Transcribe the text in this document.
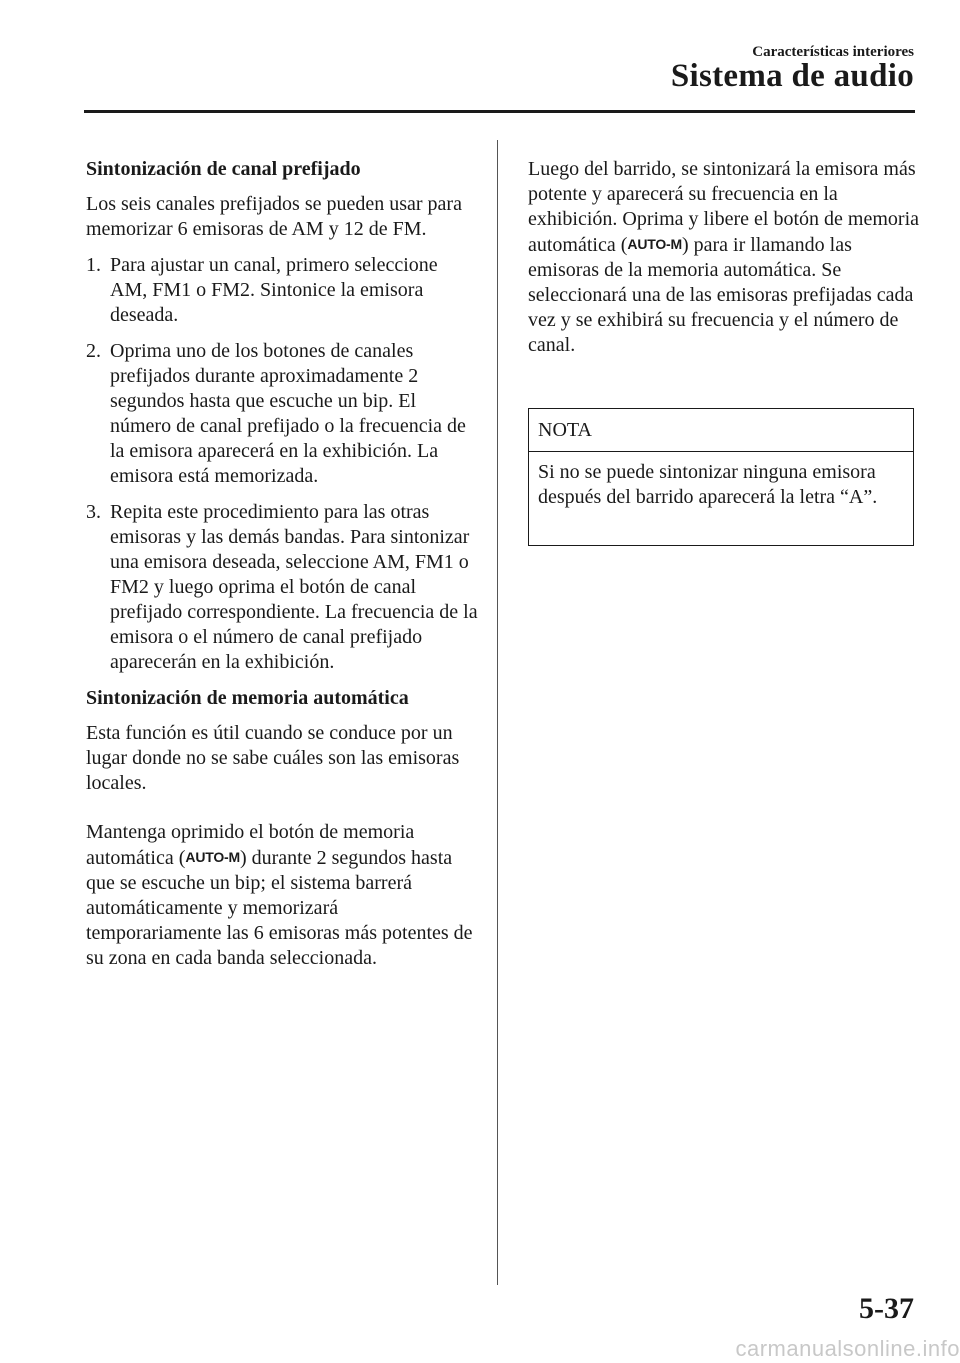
Características interiores
Sistema de audio
Sintonización de canal prefijado
Los seis canales prefijados se pueden usar para memorizar 6 emisoras de AM y 12 de FM.
1. Para ajustar un canal, primero seleccione AM, FM1 o FM2. Sintonice la emisora deseada.
2. Oprima uno de los botones de canales prefijados durante aproximadamente 2 segundos hasta que escuche un bip. El número de canal prefijado o la frecuencia de la emisora aparecerá en la exhibición. La emisora está memorizada.
3. Repita este procedimiento para las otras emisoras y las demás bandas. Para sintonizar una emisora deseada, seleccione AM, FM1 o FM2 y luego oprima el botón de canal prefijado correspondiente. La frecuencia de la emisora o el número de canal prefijado aparecerán en la exhibición.
Sintonización de memoria automática
Esta función es útil cuando se conduce por un lugar donde no se sabe cuáles son las emisoras locales.
Mantenga oprimido el botón de memoria automática (AUTO-M) durante 2 segundos hasta que se escuche un bip; el sistema barrerá automáticamente y memorizará temporariamente las 6 emisoras más potentes de su zona en cada banda seleccionada.
Luego del barrido, se sintonizará la emisora más potente y aparecerá su frecuencia en la exhibición. Oprima y libere el botón de memoria automática (AUTO-M) para ir llamando las emisoras de la memoria automática. Se seleccionará una de las emisoras prefijadas cada vez y se exhibirá su frecuencia y el número de canal.
NOTA
Si no se puede sintonizar ninguna emisora después del barrido aparecerá la letra “A”.
5-37
carmanualsonline.info
